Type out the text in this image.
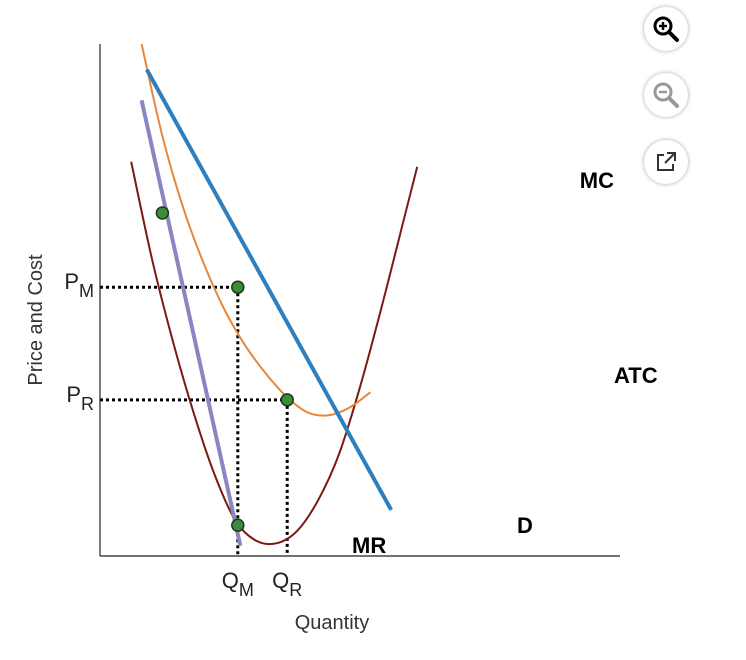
Price and Cost
Quantity
MC
ATC
D
MR
$P_M$
$P_R$
$Q_M$ $Q_R$
